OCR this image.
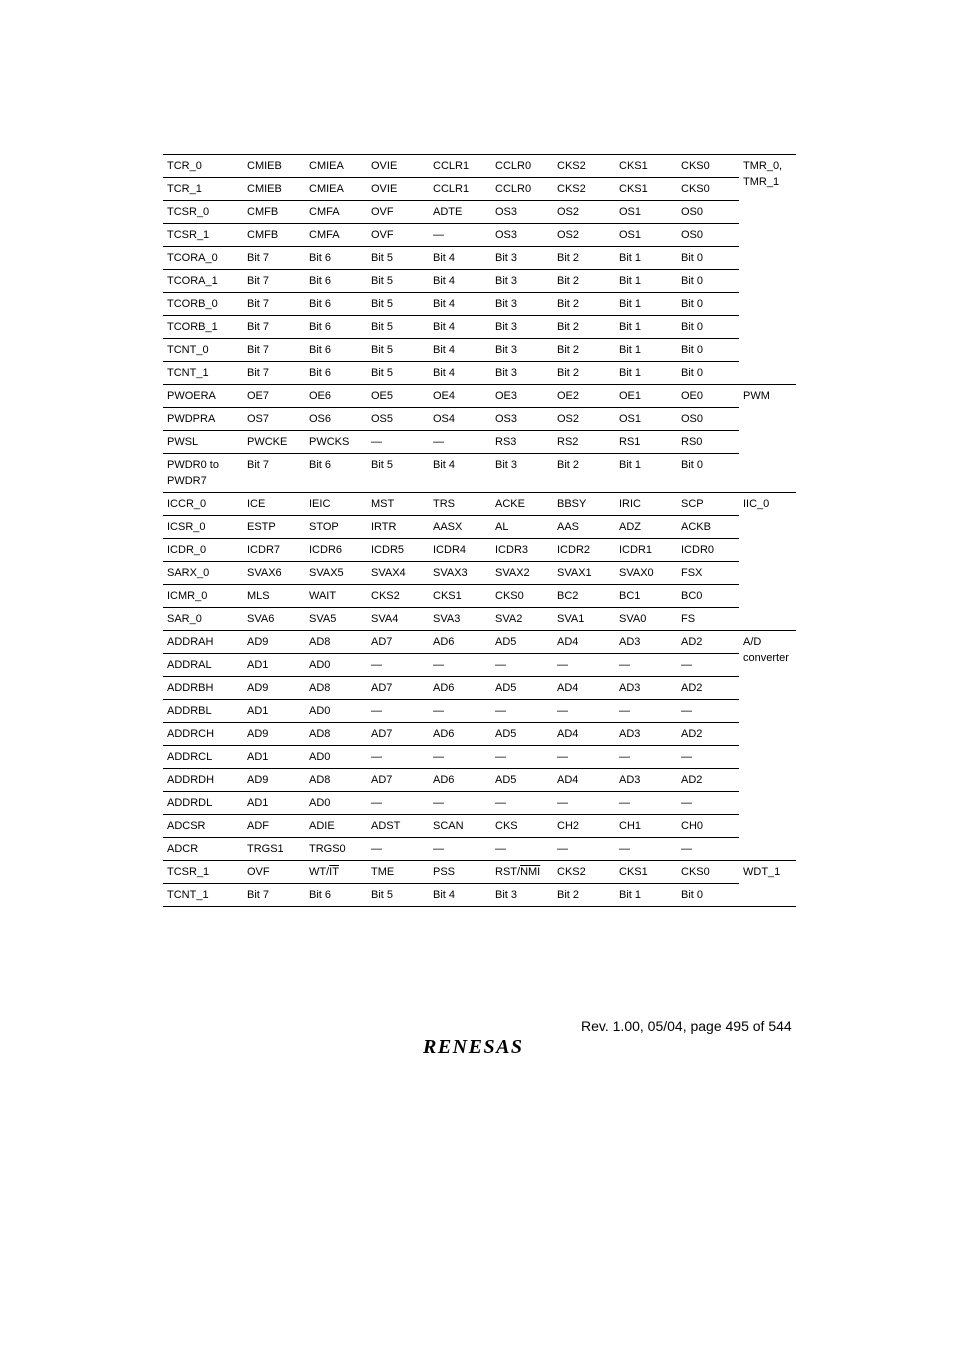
TCR_0	CMIEB	CMIEA	OVIE	CCLR1	CCLR0	CKS2	CKS1	CKS0	TMR_0,
TMR_1
TCR_1	CMIEB	CMIEA	OVIE	CCLR1	CCLR0	CKS2	CKS1	CKS0	
TCSR_0	CMFB	CMFA	OVF	ADTE	OS3	OS2	OS1	OS0	
TCSR_1	CMFB	CMFA	OVF	—	OS3	OS2	OS1	OS0	
TCORA_0	Bit 7	Bit 6	Bit 5	Bit 4	Bit 3	Bit 2	Bit 1	Bit 0	
TCORA_1	Bit 7	Bit 6	Bit 5	Bit 4	Bit 3	Bit 2	Bit 1	Bit 0	
TCORB_0	Bit 7	Bit 6	Bit 5	Bit 4	Bit 3	Bit 2	Bit 1	Bit 0	
TCORB_1	Bit 7	Bit 6	Bit 5	Bit 4	Bit 3	Bit 2	Bit 1	Bit 0	
TCNT_0	Bit 7	Bit 6	Bit 5	Bit 4	Bit 3	Bit 2	Bit 1	Bit 0	
TCNT_1	Bit 7	Bit 6	Bit 5	Bit 4	Bit 3	Bit 2	Bit 1	Bit 0	
PWOERA	OE7	OE6	OE5	OE4	OE3	OE2	OE1	OE0	PWM
PWDPRA	OS7	OS6	OS5	OS4	OS3	OS2	OS1	OS0	
PWSL	PWCKE	PWCKS	—	—	RS3	RS2	RS1	RS0	
PWDR0 to
PWDR7	Bit 7	Bit 6	Bit 5	Bit 4	Bit 3	Bit 2	Bit 1	Bit 0	
ICCR_0	ICE	IEIC	MST	TRS	ACKE	BBSY	IRIC	SCP	IIC_0
ICSR_0	ESTP	STOP	IRTR	AASX	AL	AAS	ADZ	ACKB	
ICDR_0	ICDR7	ICDR6	ICDR5	ICDR4	ICDR3	ICDR2	ICDR1	ICDR0	
SARX_0	SVAX6	SVAX5	SVAX4	SVAX3	SVAX2	SVAX1	SVAX0	FSX	
ICMR_0	MLS	WAIT	CKS2	CKS1	CKS0	BC2	BC1	BC0	
SAR_0	SVA6	SVA5	SVA4	SVA3	SVA2	SVA1	SVA0	FS	
ADDRAH	AD9	AD8	AD7	AD6	AD5	AD4	AD3	AD2	A/D
converter
ADDRAL	AD1	AD0	—	—	—	—	—	—	
ADDRBH	AD9	AD8	AD7	AD6	AD5	AD4	AD3	AD2	
ADDRBL	AD1	AD0	—	—	—	—	—	—	
ADDRCH	AD9	AD8	AD7	AD6	AD5	AD4	AD3	AD2	
ADDRCL	AD1	AD0	—	—	—	—	—	—	
ADDRDH	AD9	AD8	AD7	AD6	AD5	AD4	AD3	AD2	
ADDRDL	AD1	AD0	—	—	—	—	—	—	
ADCSR	ADF	ADIE	ADST	SCAN	CKS	CH2	CH1	CH0	
ADCR	TRGS1	TRGS0	—	—	—	—	—	—	
TCSR_1	OVF	$WT/\overline{IT}$	TME	PSS	RST/$\overline{NMI}$	CKS2	CKS1	CKS0	WDT_1
TCNT_1	Bit 7	Bit 6	Bit 5	Bit 4	Bit 3	Bit 2	Bit 1	Bit 0	
Rev. 1.00, 05/04, page 495 of 544
RENESAS
